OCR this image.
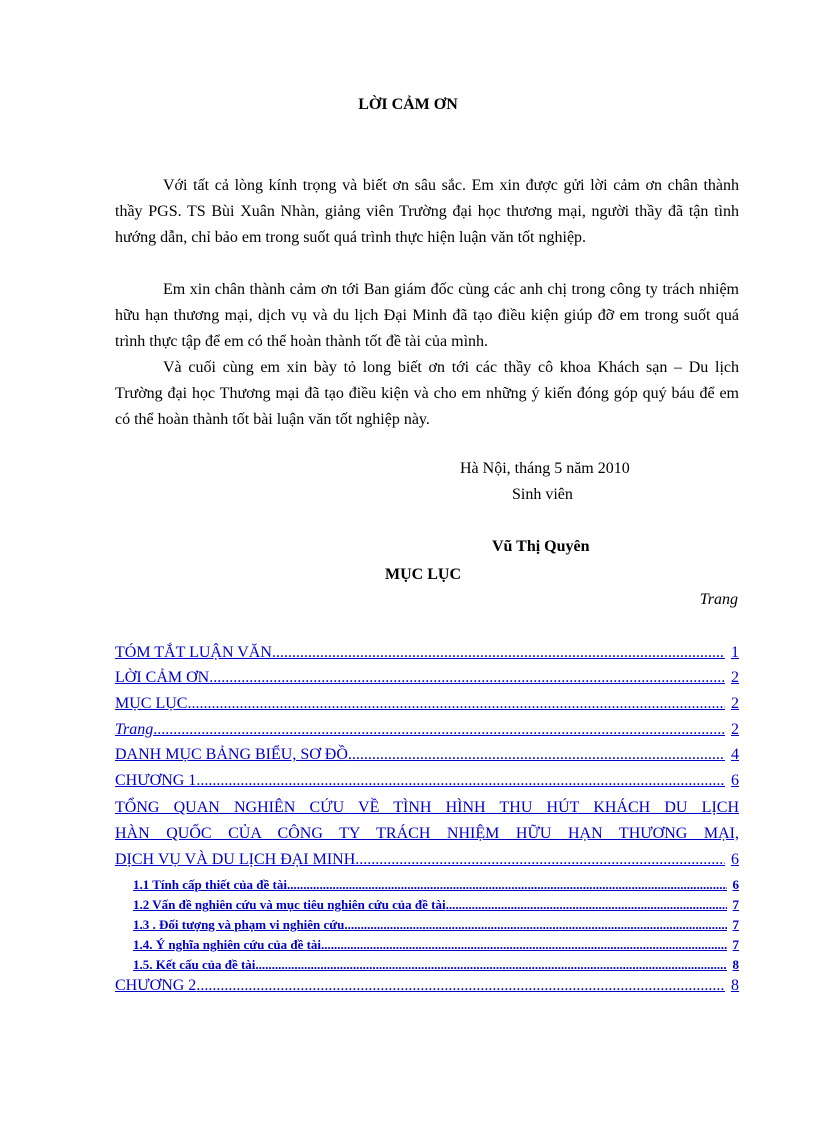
LỜI CẢM ƠN

Với tất cả lòng kính trọng và biết ơn sâu sắc. Em xin được gửi lời cảm ơn chân thành thầy PGS. TS Bùi Xuân Nhàn, giảng viên Trường đại học thương mại, người thầy đã tận tình hướng dẫn, chỉ bảo em trong suốt quá trình thực hiện luận văn tốt nghiệp.

Em xin chân thành cảm ơn tới Ban giám đốc cùng các anh chị trong công ty trách nhiệm hữu hạn thương mại, dịch vụ và du lịch Đại Minh đã tạo điều kiện giúp đỡ em trong suốt quá trình thực tập để em có thể hoàn thành tốt đề tài của mình.

Và cuối cùng em xin bày tỏ long biết ơn tới các thầy cô khoa Khách sạn – Du lịch Trường đại học Thương mại đã tạo điều kiện và cho em những ý kiến đóng góp quý báu để em có thể hoàn thành tốt bài luận văn tốt nghiệp này.

Hà Nội, tháng 5 năm 2010
Sinh viên
Vũ Thị Quyên
MỤC LỤC
Trang
TÓM TẮT LUẬN VĂN .....	1
LỜI CẢM ƠN .....	2
MỤC LỤC .....	2
Trang .....	2
DANH MỤC BẢNG BIỂU, SƠ ĐỒ .....	4
CHƯƠNG 1 .....	6
TỔNG QUAN NGHIÊN CỨU VỀ TÌNH HÌNH THU HÚT KHÁCH DU LỊCH
HÀN QUỐC CỦA CÔNG TY TRÁCH NHIỆM HỮU HẠN THƯƠNG MẠI,
DỊCH VỤ VÀ DU LỊCH ĐẠI MINH .....	6
1.1 Tính cấp thiết của đề tài .....	6
1.2 Vấn đề nghiên cứu và mục tiêu nghiên cứu của đề tài .....	7
1.3 . Đối tượng và phạm vi nghiên cứu .....	7
1.4. Ý nghĩa nghiên cứu của đề tài .....	7
1.5. Kết cấu của đề tài .....	8
CHƯƠNG 2 .....	8
